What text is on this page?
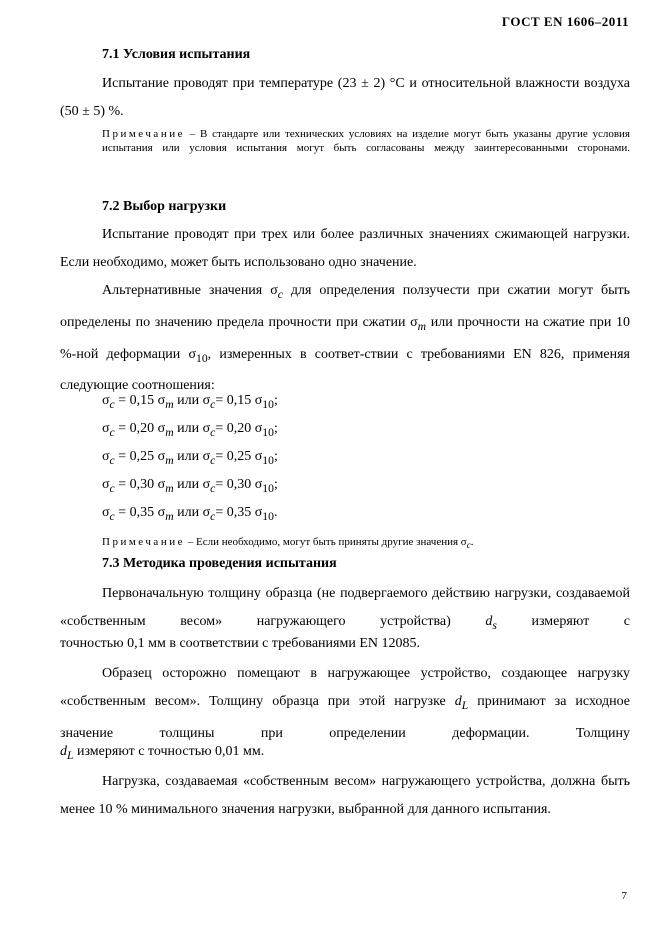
ГОСТ EN 1606–2011
7.1 Условия испытания
Испытание проводят при температуре (23 ± 2) °С и относительной влажности воздуха (50 ± 5) %.
Примечание – В стандарте или технических условиях на изделие могут быть указаны другие условия испытания или условия испытания могут быть согласованы между заинтересованными сторонами.
7.2 Выбор нагрузки
Испытание проводят при трех или более различных значениях сжимающей нагрузки. Если необходимо, может быть использовано одно значение.
Альтернативные значения $\sigma_c$ для определения ползучести при сжатии могут быть определены по значению предела прочности при сжатии $\sigma_m$ или прочности на сжатие при 10 %-ной деформации $\sigma_{10}$, измеренных в соответ-ствии с требованиями EN 826, применяя следующие соотношения:
$\sigma_c = 0,15$ $\sigma_m$ или $\sigma_c= 0,15$ $\sigma_{10}$;
$\sigma_c = 0,20$ $\sigma_m$ или $\sigma_c= 0,20$ $\sigma_{10}$;
$\sigma_c = 0,25$ $\sigma_m$ или $\sigma_c= 0,25$ $\sigma_{10}$;
$\sigma_c = 0,30$ $\sigma_m$ или $\sigma_c= 0,30$ $\sigma_{10}$;
$\sigma_c = 0,35$ $\sigma_m$ или $\sigma_c= 0,35$ $\sigma_{10}$.
Примечание – Если необходимо, могут быть приняты другие значения $\sigma_c$.
7.3 Методика проведения испытания
Первоначальную толщину образца (не подвергаемого действию нагрузки, создаваемой «собственным весом» нагружающего устройства) $d_s$ измеряют с
точностью 0,1 мм в соответствии с требованиями EN 12085.
Образец осторожно помещают в нагружающее устройство, создающее нагрузку «собственным весом». Толщину образца при этой нагрузке $d_L$ принимают за исходное значение толщины при определении деформации. Толщину
$d_L$ измеряют с точностью 0,01 мм.
Нагрузка, создаваемая «собственным весом» нагружающего устройства, должна быть менее 10 % минимального значения нагрузки, выбранной для данного испытания.
7
